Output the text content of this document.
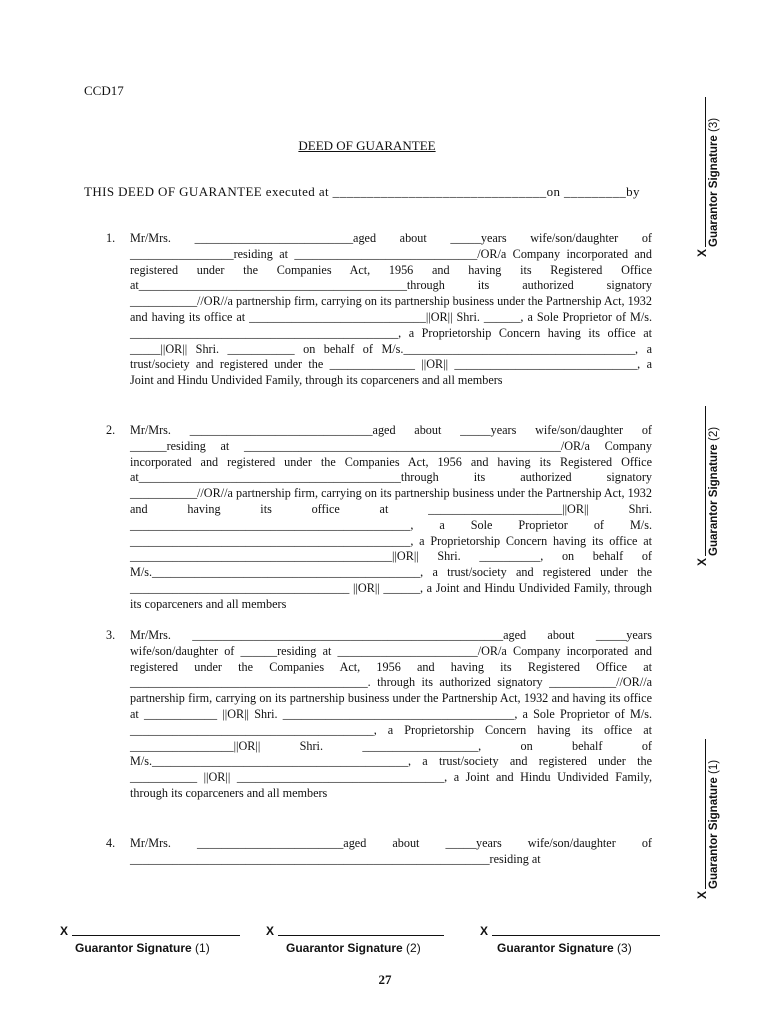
CCD17
DEED OF GUARANTEE
THIS DEED OF GUARANTEE executed at _______________________________on _________by
1. Mr/Mrs. __________________________aged about _____years wife/son/daughter of _________________residing at ______________________________/OR/a Company incorporated and registered under the Companies Act, 1956 and having its Registered Office at____________________________________________through its authorized signatory ___________//OR//a partnership firm, carrying on its partnership business under the Partnership Act, 1932 and having its office at _____________________________||OR|| Shri. ______, a Sole Proprietor of M/s. ____________________________________________, a Proprietorship Concern having its office at _____||OR|| Shri. ___________ on behalf of M/s.______________________________________, a trust/society and registered under the ______________ ||OR|| ______________________________, a Joint and Hindu Undivided Family, through its coparceners and all members
2. Mr/Mrs. ______________________________aged about _____years wife/son/daughter of ______residing at ____________________________________________________/OR/a Company incorporated and registered under the Companies Act, 1956 and having its Registered Office at___________________________________________through its authorized signatory ___________//OR//a partnership firm, carrying on its partnership business under the Partnership Act, 1932 and having its office at ______________________||OR|| Shri. ______________________________________________, a Sole Proprietor of M/s. ______________________________________________, a Proprietorship Concern having its office at ___________________________________________||OR|| Shri. __________, on behalf of M/s.____________________________________________, a trust/society and registered under the ____________________________________ ||OR|| ______, a Joint and Hindu Undivided Family, through its coparceners and all members
3. Mr/Mrs. ___________________________________________________aged about _____years wife/son/daughter of ______residing at _______________________/OR/a Company incorporated and registered under the Companies Act, 1956 and having its Registered Office at _______________________________________. through its authorized signatory ___________//OR//a partnership firm, carrying on its partnership business under the Partnership Act, 1932 and having its office at ____________ ||OR|| Shri. ______________________________________, a Sole Proprietor of M/s. ________________________________________, a Proprietorship Concern having its office at _________________||OR|| Shri. ___________________, on behalf of M/s.__________________________________________, a trust/society and registered under the ___________ ||OR|| __________________________________, a Joint and Hindu Undivided Family, through its coparceners and all members
4. Mr/Mrs. ________________________aged about _____years wife/son/daughter of ___________________________________________________________residing at
X
Guarantor Signature (3)
X
Guarantor Signature (2)
X
Guarantor Signature (1)
X
Guarantor Signature (1)
X
Guarantor Signature (2)
X
Guarantor Signature (3)
27
